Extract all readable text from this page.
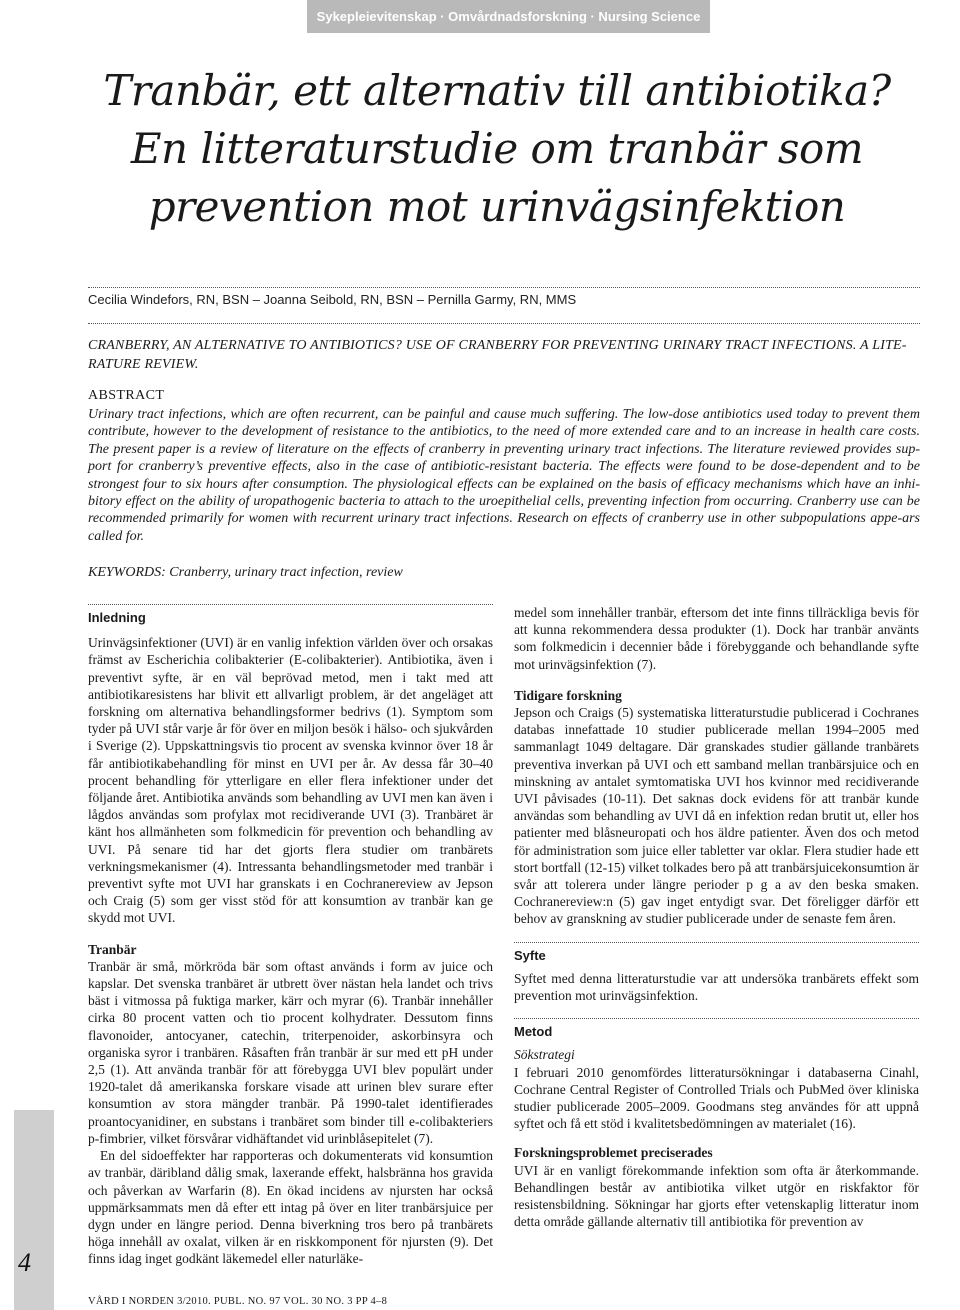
Sykepleievitenskap · Omvårdnadsforskning · Nursing Science
Tranbär, ett alternativ till antibiotika?
En litteraturstudie om tranbär som
prevention mot urinvägsinfektion
Cecilia Windefors, RN, BSN – Joanna Seibold, RN, BSN – Pernilla Garmy, RN, MMS
CRANBERRY, AN ALTERNATIVE TO ANTIBIOTICS? USE OF CRANBERRY FOR PREVENTING URINARY TRACT INFECTIONS. A LITE-RATURE REVIEW.
ABSTRACT
Urinary tract infections, which are often recurrent, can be painful and cause much suffering. The low-dose antibiotics used today to prevent them contribute, however to the development of resistance to the antibiotics, to the need of more extended care and to an increase in health care costs. The present paper is a review of literature on the effects of cranberry in preventing urinary tract infections. The literature reviewed provides sup-port for cranberry’s preventive effects, also in the case of antibiotic-resistant bacteria. The effects were found to be dose-dependent and to be strongest four to six hours after consumption. The physiological effects can be explained on the basis of efficacy mechanisms which have an inhi-bitory effect on the ability of uropathogenic bacteria to attach to the uroepithelial cells, preventing infection from occurring. Cranberry use can be recommended primarily for women with recurrent urinary tract infections. Research on effects of cranberry use in other subpopulations appe-ars called for.
KEYWORDS: Cranberry, urinary tract infection, review

Inledning

Urinvägsinfektioner (UVI) är en vanlig infektion världen över och orsakas främst av Escherichia colibakterier (E-colibakterier). Antibiotika, även i preventivt syfte, är en väl beprövad metod, men i takt med att antibiotikaresistens har blivit ett allvarligt problem, är det angeläget att forskning om alternativa behandlingsformer bedrivs (1). Symptom som tyder på UVI står varje år för över en miljon besök i hälso- och sjukvården i Sverige (2). Uppskattningsvis tio procent av svenska kvinnor över 18 år får antibiotikabehandling för minst en UVI per år. Av dessa får 30–40 procent behandling för ytterligare en eller flera infektioner under det följande året. Antibiotika används som behandling av UVI men kan även i lågdos användas som profylax mot recidiverande UVI (3). Tranbäret är känt hos allmänheten som folkmedicin för prevention och behandling av UVI. På senare tid har det gjorts flera studier om tranbärets verkningsmekanismer (4). Intressanta behandlingsmetoder med tranbär i preventivt syfte mot UVI har granskats i en Cochranereview av Jepson och Craig (5) som ger visst stöd för att konsumtion av tranbär kan ge skydd mot UVI.

Tranbär

Tranbär är små, mörkröda bär som oftast används i form av juice och kapslar. Det svenska tranbäret är utbrett över nästan hela landet och trivs bäst i vitmossa på fuktiga marker, kärr och myrar (6). Tranbär innehåller cirka 80 procent vatten och tio procent kolhydrater. Dessutom finns flavonoider, antocyaner, catechin, triterpenoider, askorbinsyra och organiska syror i tranbären. Råsaften från tranbär är sur med ett pH under 2,5 (1). Att använda tranbär för att förebygga UVI blev populärt under 1920-talet då amerikanska forskare visade att urinen blev surare efter konsumtion av stora mängder tranbär. På 1990-talet identifierades proantocyanidiner, en substans i tranbäret som binder till e-colibakteriers p-fimbrier, vilket försvårar vidhäftandet vid urinblåsepitelet (7).

En del sidoeffekter har rapporteras och dokumenterats vid konsumtion av tranbär, däribland dålig smak, laxerande effekt, halsbränna hos gravida och påverkan av Warfarin (8). En ökad incidens av njursten har också uppmärksammats men då efter ett intag på över en liter tranbärsjuice per dygn under en längre period. Denna biverkning tros bero på tranbärets höga innehåll av oxalat, vilken är en riskkomponent för njursten (9). Det finns idag inget godkänt läkemedel eller naturläke-

medel som innehåller tranbär, eftersom det inte finns tillräckliga bevis för att kunna rekommendera dessa produkter (1). Dock har tranbär använts som folkmedicin i decennier både i förebyggande och behandlande syfte mot urinvägsinfektion (7).

Tidigare forskning

Jepson och Craigs (5) systematiska litteraturstudie publicerad i Cochranes databas innefattade 10 studier publicerade mellan 1994–2005 med sammanlagt 1049 deltagare. Där granskades studier gällande tranbärets preventiva inverkan på UVI och ett samband mellan tranbärsjuice och en minskning av antalet symtomatiska UVI hos kvinnor med recidiverande UVI påvisades (10-11). Det saknas dock evidens för att tranbär kunde användas som behandling av UVI då en infektion redan brutit ut, eller hos patienter med blåsneuropati och hos äldre patienter. Även dos och metod för administration som juice eller tabletter var oklar. Flera studier hade ett stort bortfall (12-15) vilket tolkades bero på att tranbärsjuicekonsumtion är svår att tolerera under längre perioder p g a av den beska smaken. Cochranereview:n (5) gav inget entydigt svar. Det föreligger därför ett behov av granskning av studier publicerade under de senaste fem åren.

Syfte

Syftet med denna litteraturstudie var att undersöka tranbärets effekt som prevention mot urinvägsinfektion.

Metod

Sökstrategi

I februari 2010 genomfördes litteratursökningar i databaserna Cinahl, Cochrane Central Register of Controlled Trials och PubMed över kliniska studier publicerade 2005–2009. Goodmans steg användes för att uppnå syftet och få ett stöd i kvalitetsbedömningen av materialet (16).

Forskningsproblemet preciserades

UVI är en vanligt förekommande infektion som ofta är återkommande. Behandlingen består av antibiotika vilket utgör en riskfaktor för resistensbildning. Sökningar har gjorts efter vetenskaplig litteratur inom detta område gällande alternativ till antibiotika för prevention av

4
VÅRD I NORDEN 3/2010. PUBL. NO. 97 VOL. 30 NO. 3 PP 4–8
